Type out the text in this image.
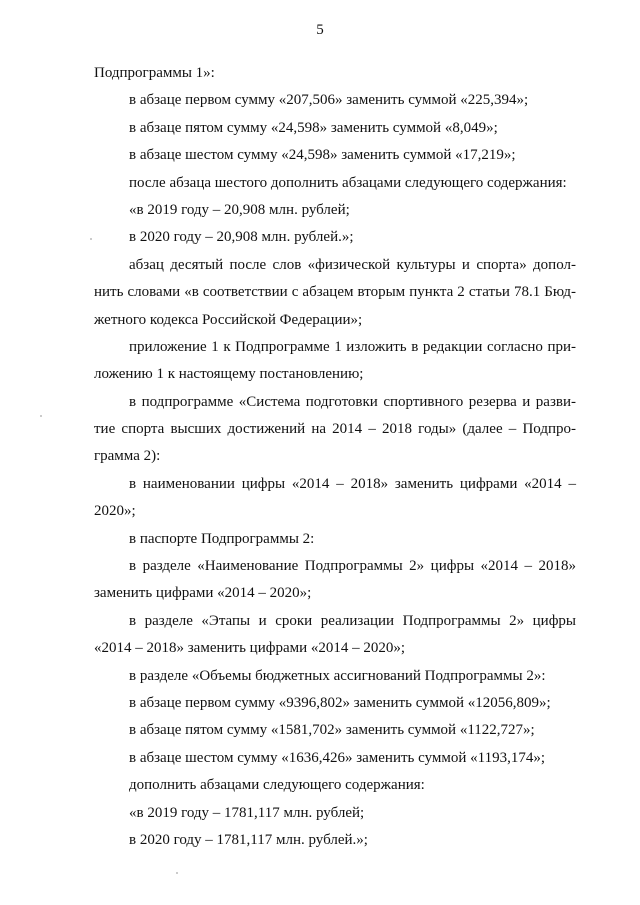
5
Подпрограммы 1»:
в абзаце первом сумму «207,506» заменить суммой «225,394»;
в абзаце пятом сумму «24,598» заменить суммой «8,049»;
в абзаце шестом сумму «24,598» заменить суммой «17,219»;
после абзаца шестого дополнить абзацами следующего содержания:
«в 2019 году – 20,908 млн. рублей;
в 2020 году – 20,908 млн. рублей.»;
абзац десятый после слов «физической культуры и спорта» допол-
нить словами «в соответствии с абзацем вторым пункта 2 статьи 78.1 Бюд-
жетного кодекса Российской Федерации»;
приложение 1 к Подпрограмме 1 изложить в редакции согласно при-
ложению 1 к настоящему постановлению;
в подпрограмме «Система подготовки спортивного резерва и разви-
тие спорта высших достижений на 2014 – 2018 годы» (далее – Подпро-
грамма 2):
в наименовании цифры «2014 – 2018» заменить цифрами «2014 –
2020»;
в паспорте Подпрограммы 2:
в разделе «Наименование Подпрограммы 2» цифры «2014 – 2018»
заменить цифрами «2014 – 2020»;
в разделе «Этапы и сроки реализации Подпрограммы 2» цифры
«2014 – 2018» заменить цифрами «2014 – 2020»;
в разделе «Объемы бюджетных ассигнований Подпрограммы 2»:
в абзаце первом сумму «9396,802» заменить суммой «12056,809»;
в абзаце пятом сумму «1581,702» заменить суммой «1122,727»;
в абзаце шестом сумму «1636,426» заменить суммой «1193,174»;
дополнить абзацами следующего содержания:
«в 2019 году – 1781,117 млн. рублей;
в 2020 году – 1781,117 млн. рублей.»;
